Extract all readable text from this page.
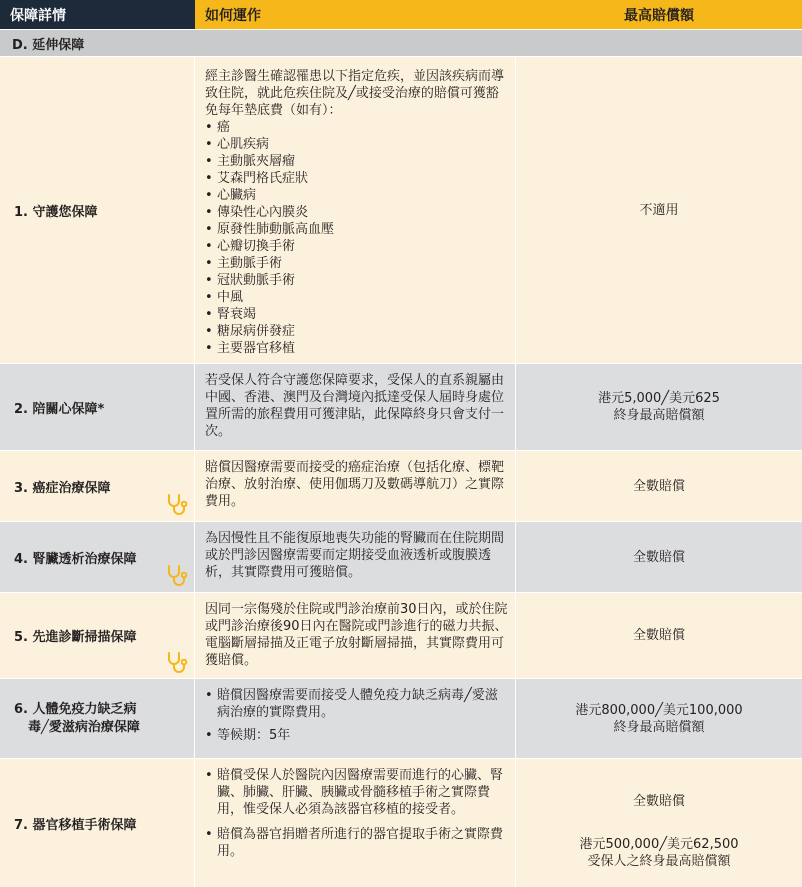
保障詳情	如何運作	最高賠償額
D. 延伸保障
1. 守護您保障
經主診醫生確認罹患以下指定危疾，並因該疾病而導致住院，就此危疾住院及╱或接受治療的賠償可獲豁免每年墊底費（如有）：
• 癌
• 心肌疾病
• 主動脈夾層瘤
• 艾森門格氏症狀
• 心臟病
• 傳染性心內膜炎
• 原發性肺動脈高血壓
• 心瓣切換手術
• 主動脈手術
• 冠狀動脈手術
• 中風
• 腎衰竭
• 糖尿病併發症
• 主要器官移植
不適用
2. 陪關心保障*
若受保人符合守護您保障要求，受保人的直系親屬由中國、香港、澳門及台灣境內抵達受保人屆時身處位置所需的旅程費用可獲津貼，此保障終身只會支付一次。
港元5,000╱美元625
終身最高賠償額
3. 癌症治療保障
賠償因醫療需要而接受的癌症治療（包括化療、標靶治療、放射治療、使用伽瑪刀及數碼導航刀）之實際費用。
全數賠償
4. 腎臟透析治療保障
為因慢性且不能復原地喪失功能的腎臟而在住院期間或於門診因醫療需要而定期接受血液透析或腹膜透析，其實際費用可獲賠償。
全數賠償
5. 先進診斷掃描保障
因同一宗傷殘於住院或門診治療前30日內，或於住院或門診治療後90日內在醫院或門診進行的磁力共振、電腦斷層掃描及正電子放射斷層掃描，其實際費用可獲賠償。
全數賠償
6. 人體免疫力缺乏病
毒╱愛滋病治療保障
• 賠償因醫療需要而接受人體免疫力缺乏病毒╱愛滋病治療的實際費用。
• 等候期：5年
港元800,000╱美元100,000
終身最高賠償額
7. 器官移植手術保障
• 賠償受保人於醫院內因醫療需要而進行的心臟、腎臟、肺臟、肝臟、胰臟或骨髓移植手術之實際費用，惟受保人必須為該器官移植的接受者。
• 賠償為器官捐贈者所進行的器官提取手術之實際費用。
全數賠償
港元500,000╱美元62,500
受保人之終身最高賠償額
